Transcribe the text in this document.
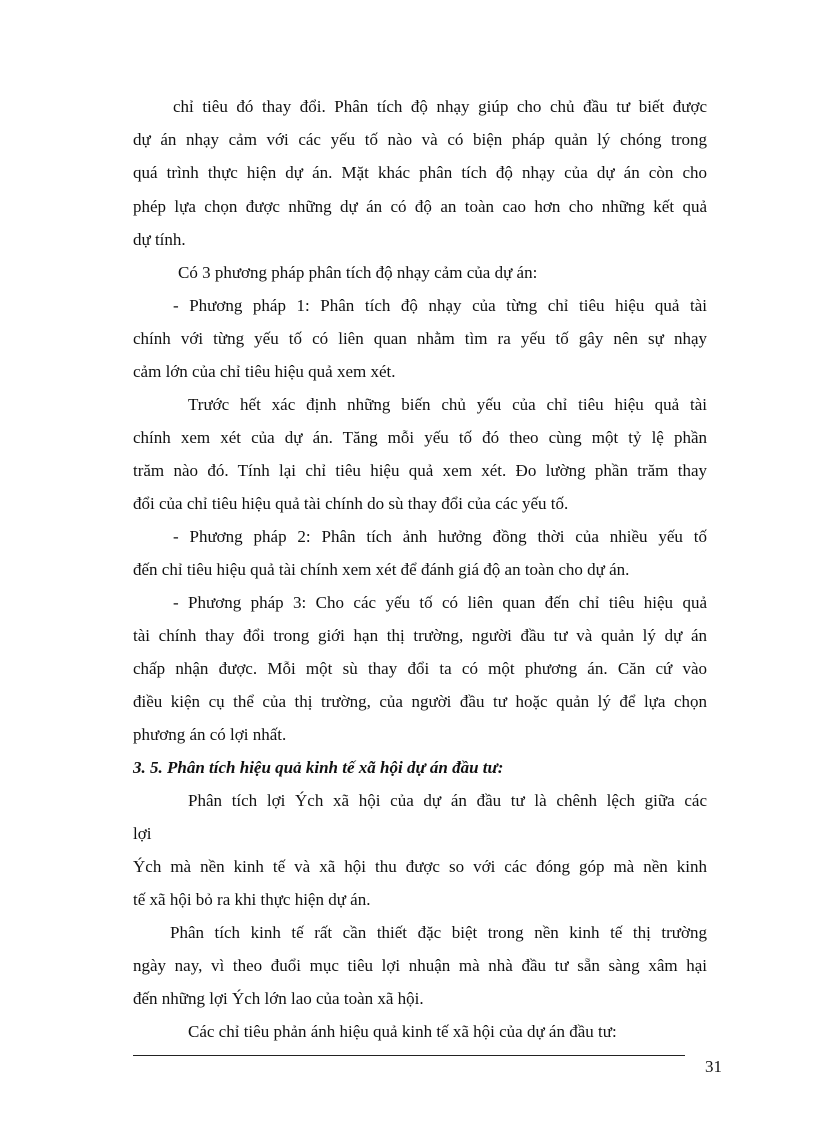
chỉ tiêu đó thay đổi. Phân tích độ nhạy giúp cho chủ đầu tư biết được
dự án nhạy cảm với các yếu tố nào và có biện pháp quản lý chóng trong
quá trình thực hiện dự án. Mặt khác phân tích độ nhạy của dự án còn cho
phép lựa chọn được những dự án có độ an toàn cao hơn cho những kết quả
dự tính.
Có 3 phương pháp phân tích độ nhạy cảm của dự án:
- Phương pháp 1: Phân tích độ nhạy của từng chỉ tiêu hiệu quả tài
chính với từng yếu tố có liên quan nhằm tìm ra yếu tố gây nên sự nhạy
cảm lớn của chỉ tiêu hiệu quả xem xét.
Trước hết xác định những biến chủ yếu của chỉ tiêu hiệu quả tài
chính xem xét của dự án. Tăng mỗi yếu tố đó theo cùng một tỷ lệ phần
trăm nào đó. Tính lại chỉ tiêu hiệu quả xem xét. Đo lường phần trăm thay
đổi của chỉ tiêu hiệu quả tài chính do sù thay đổi của các yếu tố.
- Phương pháp 2: Phân tích ảnh hưởng đồng thời của nhiều yếu tố
đến chỉ tiêu hiệu quả tài chính xem xét để đánh giá độ an toàn cho dự án.
- Phương pháp 3: Cho các yếu tố có liên quan đến chỉ tiêu hiệu quả
tài chính thay đổi trong giới hạn thị trường, người đầu tư và quản lý dự án
chấp nhận được. Mỗi một sù thay đổi ta có một phương án. Căn cứ vào
điều kiện cụ thể của thị trường, của người đầu tư hoặc quản lý để lựa chọn
phương án có lợi nhất.
3. 5. Phân tích hiệu quả kinh tế xã hội dự án đầu tư:
Phân tích lợi Ých xã hội của dự án đầu tư là chênh lệch giữa các
lợi
Ých mà nền kinh tế và xã hội thu được so với các đóng góp mà nền kinh
tế xã hội bỏ ra khi thực hiện dự án.
Phân tích kinh tế rất cần thiết đặc biệt trong nền kinh tế thị trường
ngày nay, vì theo đuổi mục tiêu lợi nhuận mà nhà đầu tư sẵn sàng xâm hại
đến những lợi Ých lớn lao của toàn xã hội.
Các chỉ tiêu phản ánh hiệu quả kinh tế xã hội của dự án đầu tư:
31
